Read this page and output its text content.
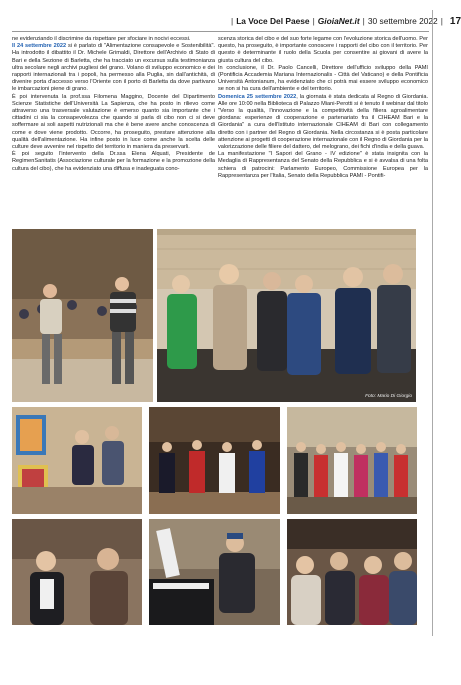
| La Voce Del Paese | GioiaNet.it | 30 settembre 2022 | 17

ne evidenziando il discrimine da rispettare per sfociare in nocivi eccessi.

Il 24 settembre 2022 si è parlato di "Alimentazione consapevole e Sostenibilità". Ha introdotto il dibattito il Dr. Michele Grimaldi, Direttore dell'Archivio di Stato di Bari e della Sezione di Barletta, che ha tracciato un excursus sulla testimonianza ultra secolare negli archivi pugliesi del grano. Volano di sviluppo economico e dei rapporti internazionali tra i popoli, ha permesso alla Puglia, sin dall'antichità, di divenire porta d'accesso verso l'Oriente con il porto di Barletta da dove partivano le imbarcazioni piene di grano.

È poi intervenuta la prof.ssa Filomena Maggino, Docente del Dipartimento Scienze Statistiche dell'Università La Sapienza, che ha posto in rilievo come attraverso una trasversale valutazione è emerso quanto sia importante che i cittadini ci sia la consapevolezza che quando si parla di cibo non ci si deve soffermare ai soli aspetti nutrizionali ma che è bene avere anche conoscenza di come e dove viene prodotto. Occorre, ha proseguito, prestare attenzione alla qualità dell'alimentazione. Ha infine posto in luce come anche la scelta delle culture deve avvenire nel rispetto del territorio in maniera da preservarli.

È poi seguito l'intervento della Dr.ssa Elena Alquati, Presidente de RegimenSanitatis (Associazione culturale per la formazione e la promozione della cultura del cibo), che ha evidenziato una diffusa e inadeguata cono-

scenza storica del cibo e del suo forte legame con l'evoluzione storica dell'uomo. Per questo, ha proseguito, è importante conoscere i rapporti del cibo con il territorio. Per questo è determinante il ruolo della Scuola per consentire ai giovani di avere la giusta cultura del cibo.

In conclusione, il Dr. Paolo Cancelli, Direttore dell'ufficio sviluppo della PAMI (Pontificia Accademia Mariana Internazionalis - Città del Vaticano) e della Pontificia Università Antonianum, ha evidenziato che ci potrà mai essere sviluppo economico se non si ha cura dell'ambiente e del territorio.

Domenica 25 settembre 2022, la giornata è stata dedicata al Regno di Giordania. Alle ore 10:00 nella Biblioteca di Palazzo Miani-Perotti si è tenuto il webinar dal titolo "Verso la qualità, l'innovazione e la competitività della filiera agroalimentare giordana: esperienze di cooperazione e partenariato fra il CIHEAM Bari e la Giordania" a cura dell'Istituto internazionale CIHEAM di Bari con collegamento diretto con i partner del Regno di Giordania. Nella circostanza si è posta particolare attenzione ai progetti di cooperazione internazionale con il Regno di Giordania per la valorizzazione delle filiere del dattero, del melograno, dei fichi d'india e della guava.

La manifestazione "I Sapori del Grano - IV edizione" è stata insignita con la Medaglia di Rappresentanza del Senato della Repubblica e si è avvalsa di una folta schiera di patrocini: Parlamento Europeo, Commissione Europea per la Rappresentanza per l'Italia, Senato della Repubblica PAMI - Pontifi-

Foto: Mario Di Giorgio
